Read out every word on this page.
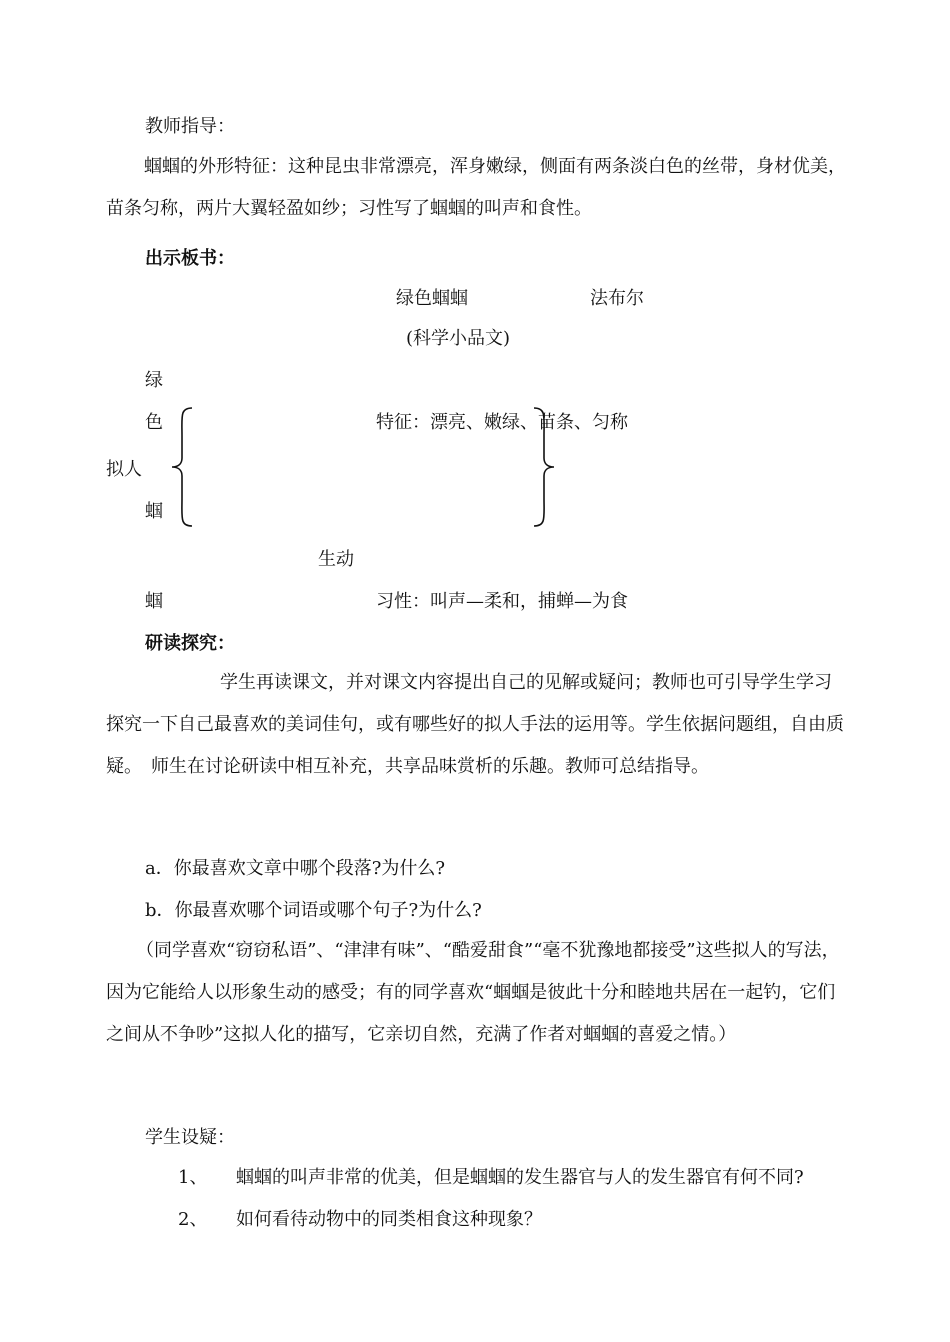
教师指导：
蝈蝈的外形特征：这种昆虫非常漂亮，浑身嫩绿，侧面有两条淡白色的丝带，身材优美，苗条匀称，两片大翼轻盈如纱；习性写了蝈蝈的叫声和食性。
出示板书：
绿色蝈蝈	法布尔
(科学小品文)
绿
色
拟人
蝈
蝈
特征：漂亮、嫩绿、苗条、匀称
生动
习性：叫声—柔和，捕蝉—为食
研读探究：
学生再读课文，并对课文内容提出自己的见解或疑问；教师也可引导学生学习探究一下自己最喜欢的美词佳句，或有哪些好的拟人手法的运用等。学生依据问题组，自由质疑。　师生在讨论研读中相互补充，共享品味赏析的乐趣。教师可总结指导。
a．你最喜欢文章中哪个段落?为什么?
b．你最喜欢哪个词语或哪个句子?为什么?
（同学喜欢“窃窃私语”、“津津有味”、“酷爱甜食”“毫不犹豫地都接受”这些拟人的写法，因为它能给人以形象生动的感受；有的同学喜欢“蝈蝈是彼此十分和睦地共居在一起钓，它们之间从不争吵”这拟人化的描写，它亲切自然，充满了作者对蝈蝈的喜爱之情。）
学生设疑：
1、 蝈蝈的叫声非常的优美，但是蝈蝈的发生器官与人的发生器官有何不同?
2、 如何看待动物中的同类相食这种现象？
